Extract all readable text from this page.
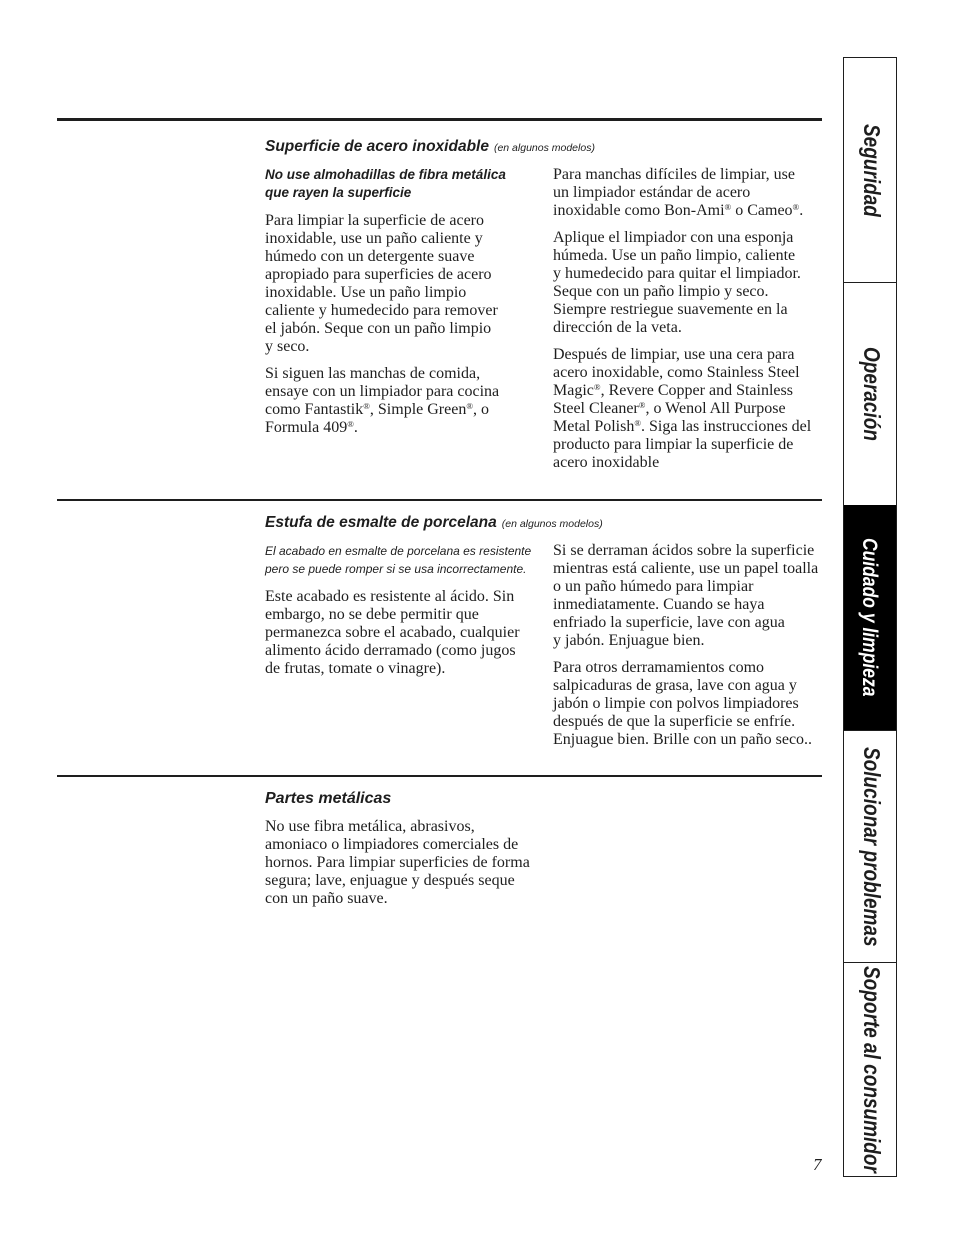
Superficie de acero inoxidable (en algunos modelos)
No use almohadillas de fibra metálica
que rayen la superficie
Para limpiar la superficie de acero
inoxidable, use un paño caliente y
húmedo con un detergente suave
apropiado para superficies de acero
inoxidable. Use un paño limpio
caliente y humedecido para remover
el jabón. Seque con un paño limpio
y seco.
Si siguen las manchas de comida,
ensaye con un limpiador para cocina
como Fantastik®, Simple Green®, o
Formula 409®.
Para manchas difíciles de limpiar, use
un limpiador estándar de acero
inoxidable como Bon-Ami® o Cameo®.
Aplique el limpiador con una esponja
húmeda. Use un paño limpio, caliente
y humedecido para quitar el limpiador.
Seque con un paño limpio y seco.
Siempre restriegue suavemente en la
dirección de la veta.
Después de limpiar, use una cera para
acero inoxidable, como Stainless Steel
Magic®, Revere Copper and Stainless
Steel Cleaner®, o Wenol All Purpose
Metal Polish®. Siga las instrucciones del
producto para limpiar la superficie de
acero inoxidable
Estufa de esmalte de porcelana (en algunos modelos)
El acabado en esmalte de porcelana es resistente
pero se puede romper si se usa incorrectamente.
Este acabado es resistente al ácido. Sin
embargo, no se debe permitir que
permanezca sobre el acabado, cualquier
alimento ácido derramado (como jugos
de frutas, tomate o vinagre).
Si se derraman ácidos sobre la superficie
mientras está caliente, use un papel toalla
o un paño húmedo para limpiar
inmediatamente. Cuando se haya
enfriado la superficie, lave con agua
y jabón. Enjuague bien.
Para otros derramamientos como
salpicaduras de grasa, lave con agua y
jabón o limpie con polvos limpiadores
después de que la superficie se enfríe.
Enjuague bien. Brille con un paño seco..
Partes metálicas
No use fibra metálica, abrasivos,
amoniaco o limpiadores comerciales de
hornos. Para limpiar superficies de forma
segura; lave, enjuague y después seque
con un paño suave.
7
Seguridad
Operación
Cuidado y limpieza
Solucionar problemas
Soporte al consumidor
